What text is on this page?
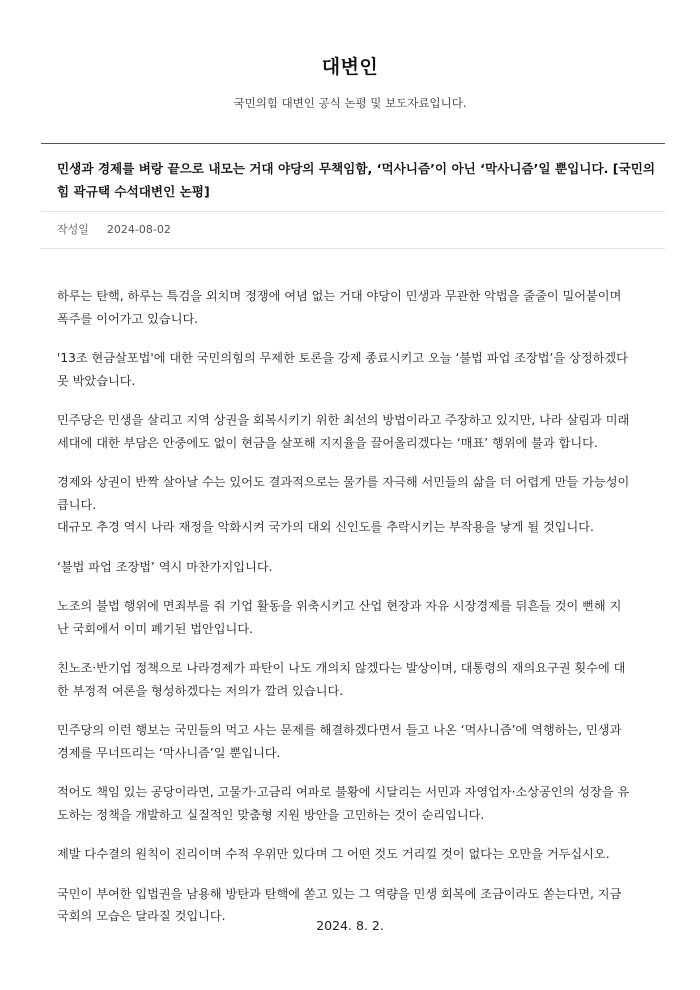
대변인
국민의힘 대변인 공식 논평 및 보도자료입니다.
민생과 경제를 벼랑 끝으로 내모는 거대 야당의 무책임함, ‘먹사니즘’이 아닌 ‘막사니즘’일 뿐입니다. [국민의
힘 곽규택 수석대변인 논평]
작성일 2024-08-02
하루는 탄핵, 하루는 특검을 외치며 정쟁에 여념 없는 거대 야당이 민생과 무관한 악법을 줄줄이 밀어붙이며
폭주를 이어가고 있습니다.
'13조 현금살포법'에 대한 국민의힘의 무제한 토론을 강제 종료시키고 오늘 ‘불법 파업 조장법’을 상정하겠다
못 박았습니다.
민주당은 민생을 살리고 지역 상권을 회복시키기 위한 최선의 방법이라고 주장하고 있지만, 나라 살림과 미래
세대에 대한 부담은 안중에도 없이 현금을 살포해 지지율을 끌어올리겠다는 ‘매표’ 행위에 불과 합니다.
경제와 상권이 반짝 살아날 수는 있어도 결과적으로는 물가를 자극해 서민들의 삶을 더 어렵게 만들 가능성이
큽니다.
대규모 추경 역시 나라 재정을 악화시켜 국가의 대외 신인도를 추락시키는 부작용을 낳게 될 것입니다.
‘불법 파업 조장법’ 역시 마찬가지입니다.
노조의 불법 행위에 면죄부를 줘 기업 활동을 위축시키고 산업 현장과 자유 시장경제를 뒤흔들 것이 뻔해 지
난 국회에서 이미 폐기된 법안입니다.
친노조·반기업 정책으로 나라경제가 파탄이 나도 개의치 않겠다는 발상이며, 대통령의 재의요구권 횟수에 대
한 부정적 여론을 형성하겠다는 저의가 깔려 있습니다.
민주당의 이런 행보는 국민들의 먹고 사는 문제를 해결하겠다면서 들고 나온 ‘먹사니즘’에 역행하는, 민생과
경제를 무너뜨리는 ‘막사니즘’일 뿐입니다.
적어도 책임 있는 공당이라면, 고물가·고금리 여파로 불황에 시달리는 서민과 자영업자·소상공인의 성장을 유
도하는 정책을 개발하고 실질적인 맞춤형 지원 방안을 고민하는 것이 순리입니다.
제발 다수결의 원칙이 진리이며 수적 우위만 있다며 그 어떤 것도 거리낄 것이 없다는 오만을 거두십시오.
국민이 부여한 입법권을 남용해 방탄과 탄핵에 쏟고 있는 그 역량을 민생 회복에 조금이라도 쏟는다면, 지금
국회의 모습은 달라질 것입니다.
2024. 8. 2.
